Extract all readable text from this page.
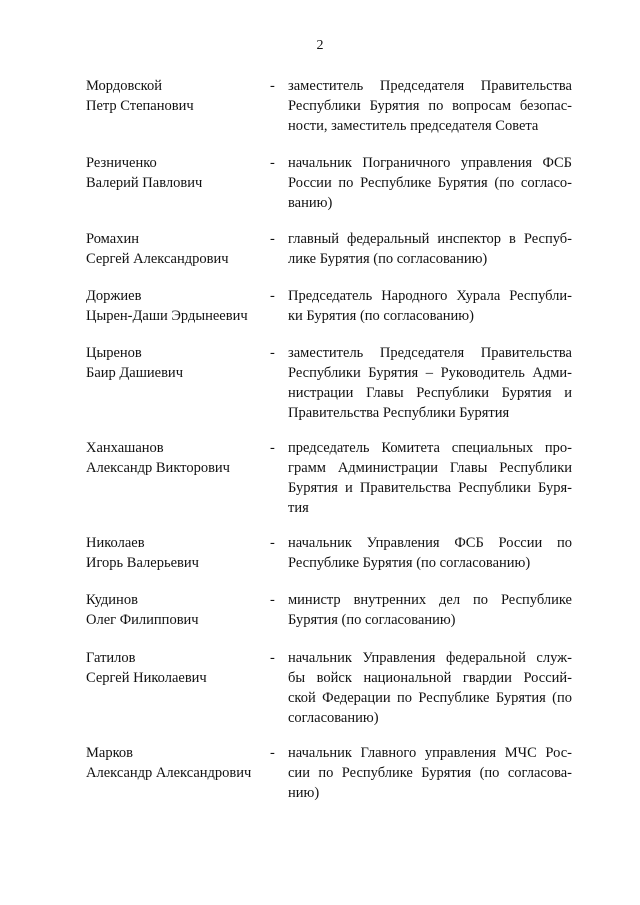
2
Мордовской
Петр Степанович
- заместитель Председателя Правительства
Республики Бурятия по вопросам безопас-
ности, заместитель председателя Совета
Резниченко
Валерий Павлович
- начальник Пограничного управления ФСБ
России по Республике Бурятия (по согласо-
ванию)
Ромахин
Сергей Александрович
- главный федеральный инспектор в Респуб-
лике Бурятия (по согласованию)
Доржиев
Цырен-Даши Эрдынеевич
- Председатель Народного Хурала Республи-
ки Бурятия (по согласованию)
Цыренов
Баир Дашиевич
- заместитель Председателя Правительства
Республики Бурятия – Руководитель Адми-
нистрации Главы Республики Бурятия и
Правительства Республики Бурятия
Ханхашанов
Александр Викторович
- председатель Комитета специальных про-
грамм Администрации Главы Республики
Бурятия и Правительства Республики Буря-
тия
Николаев
Игорь Валерьевич
- начальник Управления ФСБ России по
Республике Бурятия (по согласованию)
Кудинов
Олег Филиппович
- министр внутренних дел по Республике
Бурятия (по согласованию)
Гатилов
Сергей Николаевич
- начальник Управления федеральной служ-
бы войск национальной гвардии Россий-
ской Федерации по Республике Бурятия (по
согласованию)
Марков
Александр Александрович
- начальник Главного управления МЧС Рос-
сии по Республике Бурятия (по согласова-
нию)
